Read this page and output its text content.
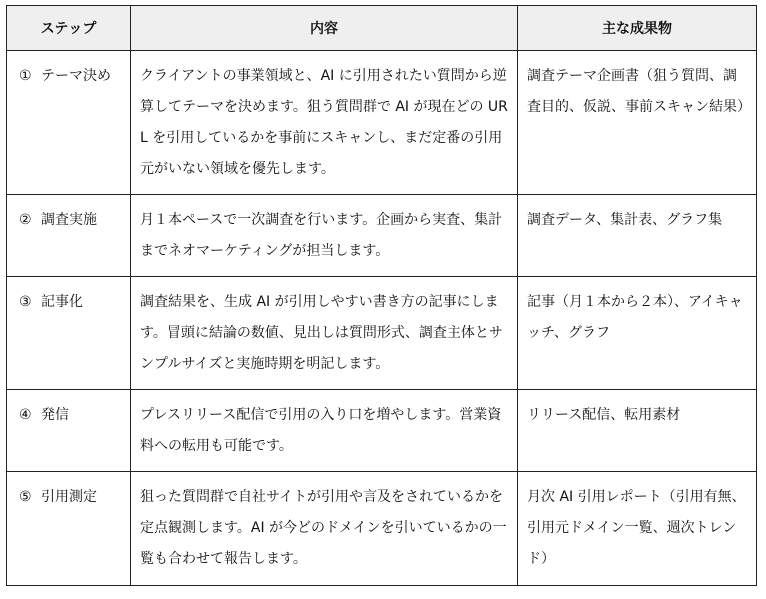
ステップ	内容	主な成果物
① テーマ決め	クライアントの事業領域と、AI に引用されたい質問から逆算してテーマを決めます。狙う質問群で AI が現在どの URL を引用しているかを事前にスキャンし、まだ定番の引用元がいない領域を優先します。	調査テーマ企画書（狙う質問、調査目的、仮説、事前スキャン結果）
② 調査実施	月１本ペースで一次調査を行います。企画から実査、集計までネオマーケティングが担当します。	調査データ、集計表、グラフ集
③ 記事化	調査結果を、生成 AI が引用しやすい書き方の記事にします。冒頭に結論の数値、見出しは質問形式、調査主体とサンプルサイズと実施時期を明記します。	記事（月１本から２本）、アイキャッチ、グラフ
④ 発信	プレスリリース配信で引用の入り口を増やします。営業資料への転用も可能です。	リリース配信、転用素材
⑤ 引用測定	狙った質問群で自社サイトが引用や言及をされているかを定点観測します。AI が今どのドメインを引いているかの一覧も合わせて報告します。	月次 AI 引用レポート（引用有無、引用元ドメイン一覧、週次トレンド）
